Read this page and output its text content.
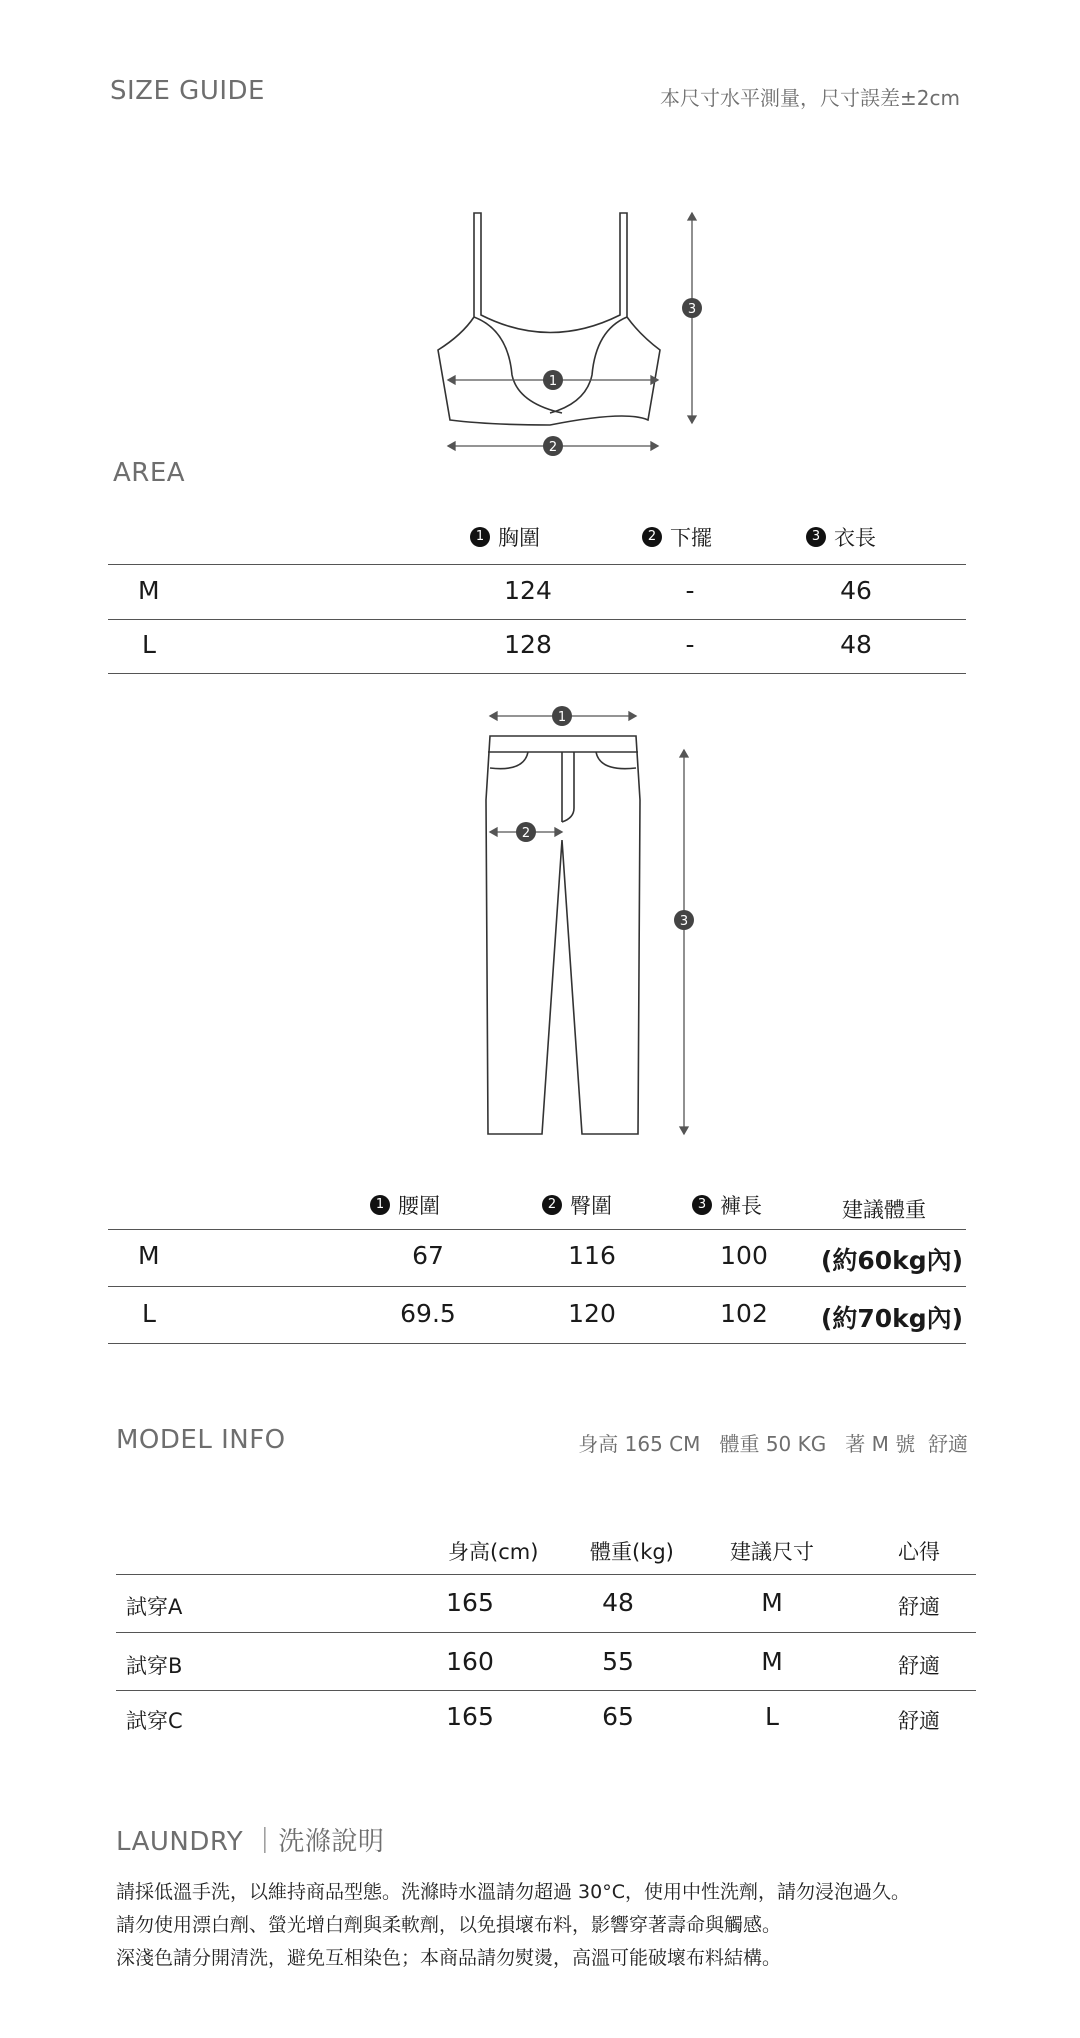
SIZE GUIDE	本尺寸水平測量，尺寸誤差±2cm
1
2
3
AREA
1 胸圍	2 下擺	3 衣長
M	124	-	46
L	128	-	48
1
2
3
1 腰圍	2 臀圍	3 褲長	建議體重
M	67	116	100	(約60kg內)
L	69.5	120	102	(約70kg內)
MODEL INFO	身高 165 CM   體重 50 KG   著 M 號  舒適
身高(cm) 體重(kg)	建議尺寸	心得
試穿A	165	48	M	舒適
試穿B	160	55	M	舒適
試穿C	165	65	L	舒適
LAUNDRY ｜洗滌說明

請採低溫手洗，以維持商品型態。洗滌時水溫請勿超過 30°C，使用中性洗劑，請勿浸泡過久。

請勿使用漂白劑、螢光增白劑與柔軟劑，以免損壞布料，影響穿著壽命與觸感。

深淺色請分開清洗，避免互相染色；本商品請勿熨燙，高溫可能破壞布料結構。
